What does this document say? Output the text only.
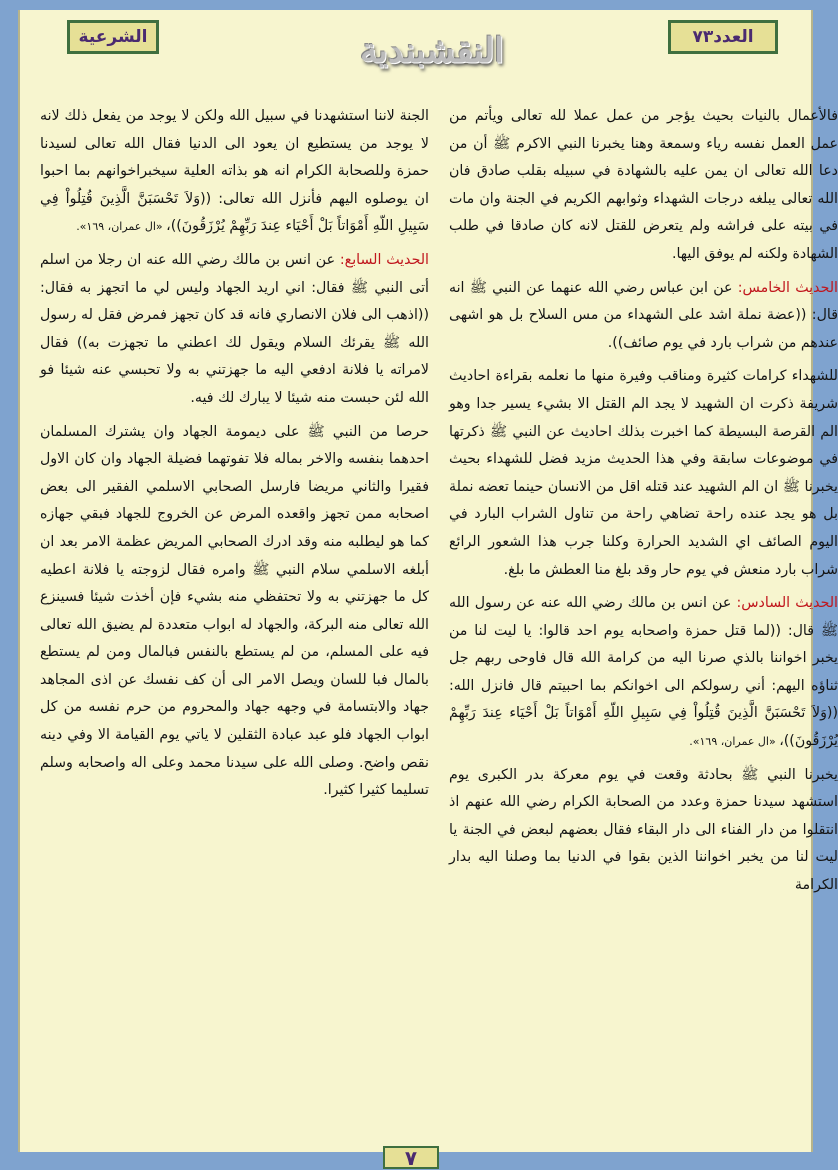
الشرعية	النقشبندية	العدد٧٣

فالأعمال بالنيات بحيث يؤجر من عمل عملا لله تعالى ويأتم من عمل العمل نفسه رياء وسمعة وهنا يخبرنا النبي الاكرم ﷺ أن من دعا الله تعالى ان يمن عليه بالشهادة في سبيله بقلب صادق فان الله تعالى يبلغه درجات الشهداء وثوابهم الكريم في الجنة وان مات في بيته على فراشه ولم يتعرض للقتل لانه كان صادقا في طلب الشهادة ولكنه لم يوفق اليها.

الحديث الخامس: عن ابن عباس رضي الله عنهما عن النبي ﷺ انه قال: ((عضة نملة اشد على الشهداء من مس السلاح بل هو اشهى عندهم من شراب بارد في يوم صائف)).

للشهداء كرامات كثيرة ومناقب وفيرة منها ما نعلمه بقراءة احاديث شريفة ذكرت ان الشهيد لا يجد الم القتل الا بشيء يسير جدا وهو الم القرصة البسيطة كما اخبرت بذلك احاديث عن النبي ﷺ ذكرتها في موضوعات سابقة وفي هذا الحديث مزيد فضل للشهداء بحيث يخبرنا ﷺ ان الم الشهيد عند قتله اقل من الانسان حينما تعضه نملة بل هو يجد عنده راحة تضاهي راحة من تناول الشراب البارد في اليوم الصائف اي الشديد الحرارة وكلنا جرب هذا الشعور الرائع شراب بارد منعش في يوم حار وقد بلغ منا العطش ما بلغ.

الحديث السادس: عن انس بن مالك رضي الله عنه عن رسول الله ﷺ قال: ((لما قتل حمزة واصحابه يوم احد قالوا: يا ليت لنا من يخبر اخواننا بالذي صرنا اليه من كرامة الله قال فاوحى ربهم جل ثناؤه اليهم: أني رسولكم الى اخوانكم بما احبيتم قال فانزل الله: ((وَلاَ تَحْسَبَنَّ الَّذِينَ قُتِلُواْ فِي سَبِيلِ اللّهِ أَمْوَاتاً بَلْ أَحْيَاء عِندَ رَبِّهِمْ يُرْزَقُونَ))، «ال عمران، ١٦٩».

يخبرنا النبي ﷺ بحادثة وقعت في يوم معركة بدر الكبرى يوم استشهد سيدنا حمزة وعدد من الصحابة الكرام رضي الله عنهم اذ انتقلوا من دار الفناء الى دار البقاء فقال بعضهم لبعض في الجنة يا ليت لنا من يخبر اخواننا الذين بقوا في الدنيا بما وصلنا اليه بدار الكرامة

الجنة لاننا استشهدنا في سبيل الله ولكن لا يوجد من يفعل ذلك لانه لا يوجد من يستطيع ان يعود الى الدنيا فقال الله تعالى لسيدنا حمزة وللصحابة الكرام انه هو بذاته العلية سيخبراخوانهم بما احبوا ان يوصلوه اليهم فأنزل الله تعالى: ((وَلاَ تَحْسَبَنَّ الَّذِينَ قُتِلُواْ فِي سَبِيلِ اللّهِ أَمْوَاتاً بَلْ أَحْيَاء عِندَ رَبِّهِمْ يُرْزَقُونَ))، «ال عمران، ١٦٩».

الحديث السابع: عن انس بن مالك رضي الله عنه ان رجلا من اسلم أتى النبي ﷺ فقال: اني اريد الجهاد وليس لي ما اتجهز به فقال: ((اذهب الى فلان الانصاري فانه قد كان تجهز فمرض فقل له رسول الله ﷺ يقرئك السلام ويقول لك اعطني ما تجهزت به)) فقال لامراته يا فلانة ادفعي اليه ما جهزتني به ولا تحبسي عنه شيئا فو الله لئن حبست منه شيئا لا يبارك لك فيه.

حرصا من النبي ﷺ على ديمومة الجهاد وان يشترك المسلمان احدهما بنفسه والاخر بماله فلا تفوتهما فضيلة الجهاد وان كان الاول فقيرا والثاني مريضا فارسل الصحابي الاسلمي الفقير الى بعض اصحابه ممن تجهز واقعده المرض عن الخروج للجهاد فبقي جهازه كما هو ليطلبه منه وقد ادرك الصحابي المريض عظمة الامر بعد ان أبلغه الاسلمي سلام النبي ﷺ وامره فقال لزوجته يا فلانة اعطيه كل ما جهزتني به ولا تحتفظي منه بشيء فإن أخذت شيئا فسينزع الله تعالى منه البركة، والجهاد له ابواب متعددة لم يضيق الله تعالى فيه على المسلم، من لم يستطع بالنفس فبالمال ومن لم يستطع بالمال فبا للسان ويصل الامر الى أن كف نفسك عن اذى المجاهد جهاد والابتسامة في وجهه جهاد والمحروم من حرم نفسه من كل ابواب الجهاد فلو عبد عبادة الثقلين لا ياتي يوم القيامة الا وفي دينه نقص واضح. وصلى الله على سيدنا محمد وعلى اله واصحابه وسلم تسليما كثيرا كثيرا.

٧
